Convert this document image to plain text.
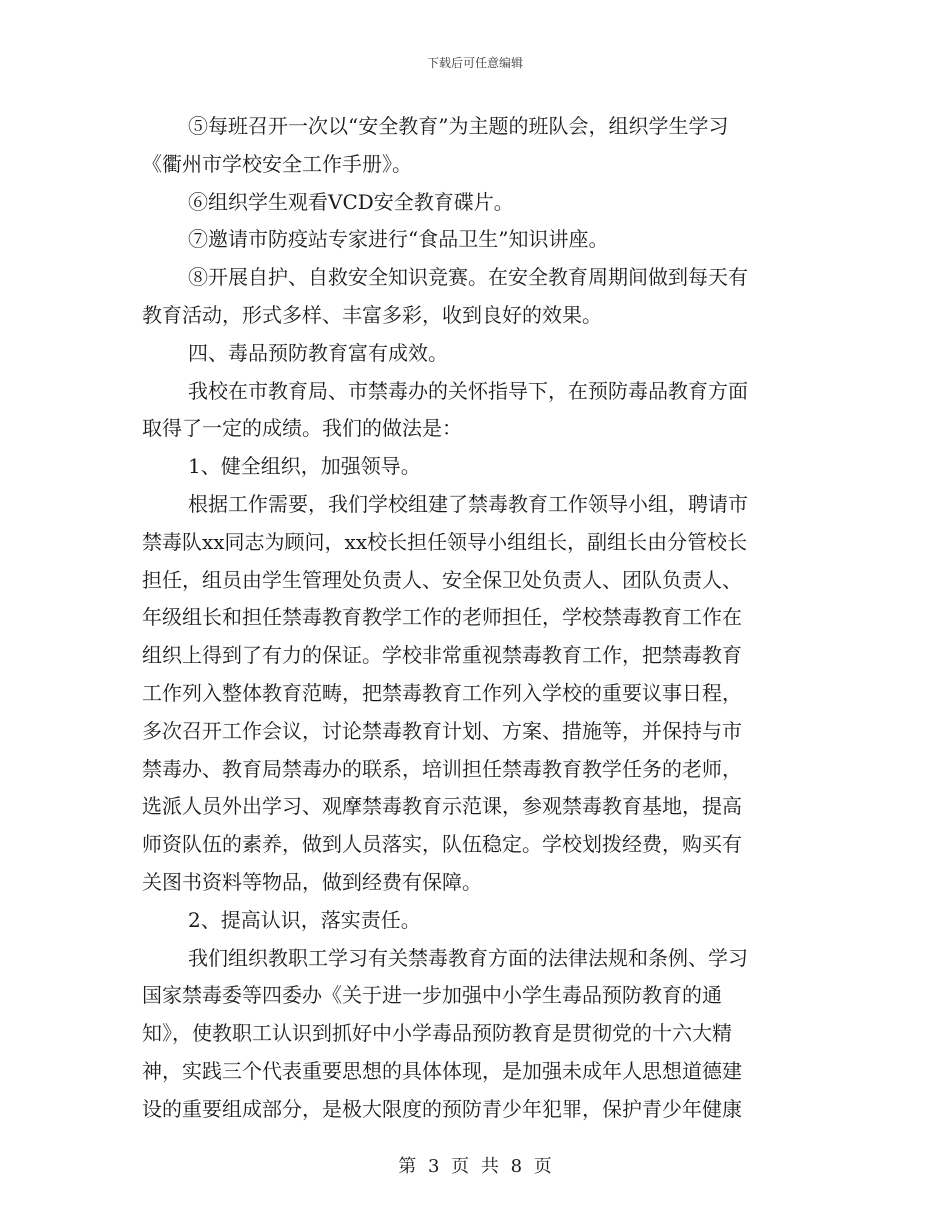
下载后可任意编辑
⑤每班召开一次以“安全教育”为主题的班队会，组织学生学习
《衢州市学校安全工作手册》。
⑥组织学生观看VCD安全教育碟片。
⑦邀请市防疫站专家进行“食品卫生”知识讲座。
⑧开展自护、自救安全知识竞赛。在安全教育周期间做到每天有
教育活动，形式多样、丰富多彩，收到良好的效果。
四、毒品预防教育富有成效。
我校在市教育局、市禁毒办的关怀指导下，在预防毒品教育方面
取得了一定的成绩。我们的做法是：
1、健全组织，加强领导。
根据工作需要，我们学校组建了禁毒教育工作领导小组，聘请市
禁毒队xx同志为顾问，xx校长担任领导小组组长，副组长由分管校长
担任，组员由学生管理处负责人、安全保卫处负责人、团队负责人、
年级组长和担任禁毒教育教学工作的老师担任，学校禁毒教育工作在
组织上得到了有力的保证。学校非常重视禁毒教育工作，把禁毒教育
工作列入整体教育范畴，把禁毒教育工作列入学校的重要议事日程，
多次召开工作会议，讨论禁毒教育计划、方案、措施等，并保持与市
禁毒办、教育局禁毒办的联系，培训担任禁毒教育教学任务的老师，
选派人员外出学习、观摩禁毒教育示范课，参观禁毒教育基地，提高
师资队伍的素养，做到人员落实，队伍稳定。学校划拨经费，购买有
关图书资料等物品，做到经费有保障。
2、提高认识，落实责任。
我们组织教职工学习有关禁毒教育方面的法律法规和条例、学习
国家禁毒委等四委办《关于进一步加强中小学生毒品预防教育的通
知》，使教职工认识到抓好中小学毒品预防教育是贯彻党的十六大精
神，实践三个代表重要思想的具体体现，是加强未成年人思想道德建
设的重要组成部分，是极大限度的预防青少年犯罪，保护青少年健康
第 3 页 共 8 页
